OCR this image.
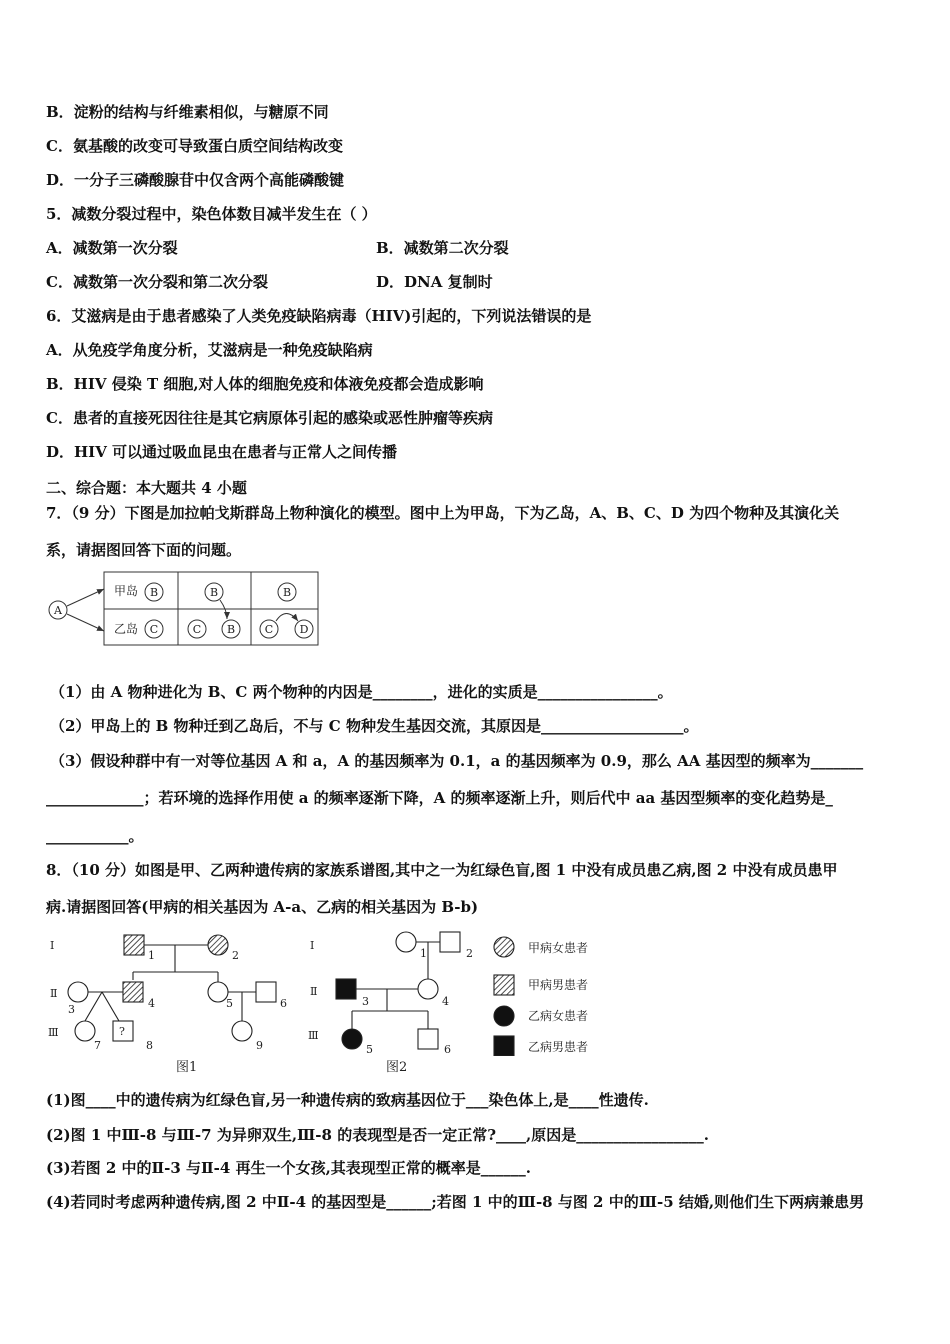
B．淀粉的结构与纤维素相似，与糖原不同
C．氨基酸的改变可导致蛋白质空间结构改变
D．一分子三磷酸腺苷中仅含两个高能磷酸键
5．减数分裂过程中，染色体数目减半发生在（ ）
A．减数第一次分裂	B．减数第二次分裂
C．减数第一次分裂和第二次分裂	D．DNA 复制时
6．艾滋病是由于患者感染了人类免疫缺陷病毒（HIV)引起的，下列说法错误的是
A．从免疫学角度分析，艾滋病是一种免疫缺陷病
B．HIV 侵染 T 细胞,对人体的细胞免疫和体液免疫都会造成影响
C．患者的直接死因往往是其它病原体引起的感染或恶性肿瘤等疾病
D．HIV 可以通过吸血昆虫在患者与正常人之间传播
二、综合题：本大题共 4 小题
7．（9 分）下图是加拉帕戈斯群岛上物种演化的模型。图中上为甲岛，下为乙岛，A、B、C、D 为四个物种及其演化关
系，请据图回答下面的问题。
A
甲岛
乙岛
B	B	B
C	C B	C D
（1）由 A 物种进化为 B、C 两个物种的内因是________，进化的实质是________________。
（2）甲岛上的 B 物种迁到乙岛后，不与 C 物种发生基因交流，其原因是___________________。
（3）假设种群中有一对等位基因 A 和 a，A 的基因频率为 0.1，a 的基因频率为 0.9，那么 AA 基因型的频率为_______
_____________；若环境的选择作用使 a 的频率逐渐下降，A 的频率逐渐上升，则后代中 aa 基因型频率的变化趋势是_
___________。
8．（10 分）如图是甲、乙两种遗传病的家族系谱图,其中之一为红绿色盲,图 1 中没有成员患乙病,图 2 中没有成员患甲
病.请据图回答(甲病的相关基因为 A-a、乙病的相关基因为 B-b)
Ⅰ
Ⅱ
Ⅲ
1	2
3	4	5	6
7	8	9
?
图1
Ⅰ
Ⅱ
Ⅲ
1	2
3	4
5	6
图2
甲病女患者
甲病男患者
乙病女患者
乙病男患者
(1)图____中的遗传病为红绿色盲,另一种遗传病的致病基因位于___染色体上,是____性遗传.
(2)图 1 中Ⅲ-8 与Ⅲ-7 为异卵双生,Ⅲ-8 的表现型是否一定正常?____,原因是_________________.
(3)若图 2 中的Ⅱ-3 与Ⅱ-4 再生一个女孩,其表现型正常的概率是______.
(4)若同时考虑两种遗传病,图 2 中Ⅱ-4 的基因型是______;若图 1 中的Ⅲ-8 与图 2 中的Ⅲ-5 结婚,则他们生下两病兼患男
